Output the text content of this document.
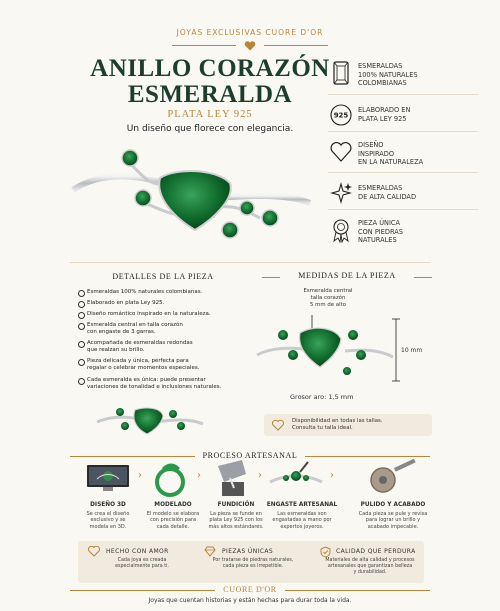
JOYAS EXCLUSIVAS CUORE D'OR
ANILLO CORAZÓN
ESMERALDA
PLATA LEY 925
Un diseño que florece con elegancia.
ESMERALDAS
100% NATURALES
COLOMBIANAS
925
ELABORADO EN
PLATA LEY 925
DISEÑO
INSPIRADO
EN LA NATURALEZA
ESMERALDAS
DE ALTA CALIDAD
PIEZA ÚNICA
CON PIEDRAS
NATURALES
DETALLES DE LA PIEZA
Esmeraldas 100% naturales colombianas.
Elaborado en plata Ley 925.
Diseño romántico inspirado en la naturaleza.
Esmeralda central en talla corazón
con engaste de 3 garras.
Acompañada de esmeraldas redondas
que realzan su brillo.
Pieza delicada y única, perfecta para
regalar o celebrar momentos especiales.
Cada esmeralda es única: puede presentar
variaciones de tonalidad e inclusiones naturales.
MEDIDAS DE LA PIEZA
Esmeralda central
talla corazón
5 mm de alto
10 mm
Grosor aro: 1,5 mm
Disponibilidad en todas las tallas.
Consulta tu talla ideal.
PROCESO ARTESANAL
›	›	›	›
DISEÑO 3D
Se crea el diseño
exclusivo y se
modela en 3D.
MODELADO
El modelo se elabora
con precisión para
cada detalle.
FUNDICIÓN
La pieza se funde en
plata Ley 925 con los
más altos estándares.
ENGASTE ARTESANAL
Las esmeraldas son
engastadas a mano por
expertos joyeros.
PULIDO Y ACABADO
Cada pieza se pule y revisa
para lograr un brillo y
acabado impecable.
HECHO CON AMOR
Cada joya es creada
especialmente para ti.
PIEZAS ÚNICAS
Por tratarse de piedras naturales,
cada pieza es irrepetible.
CALIDAD QUE PERDURA
Materiales de alta calidad y procesos
artesanales que garantizan belleza
y durabilidad.
CUORE D'OR
Joyas que cuentan historias y están hechas para durar toda la vida.
